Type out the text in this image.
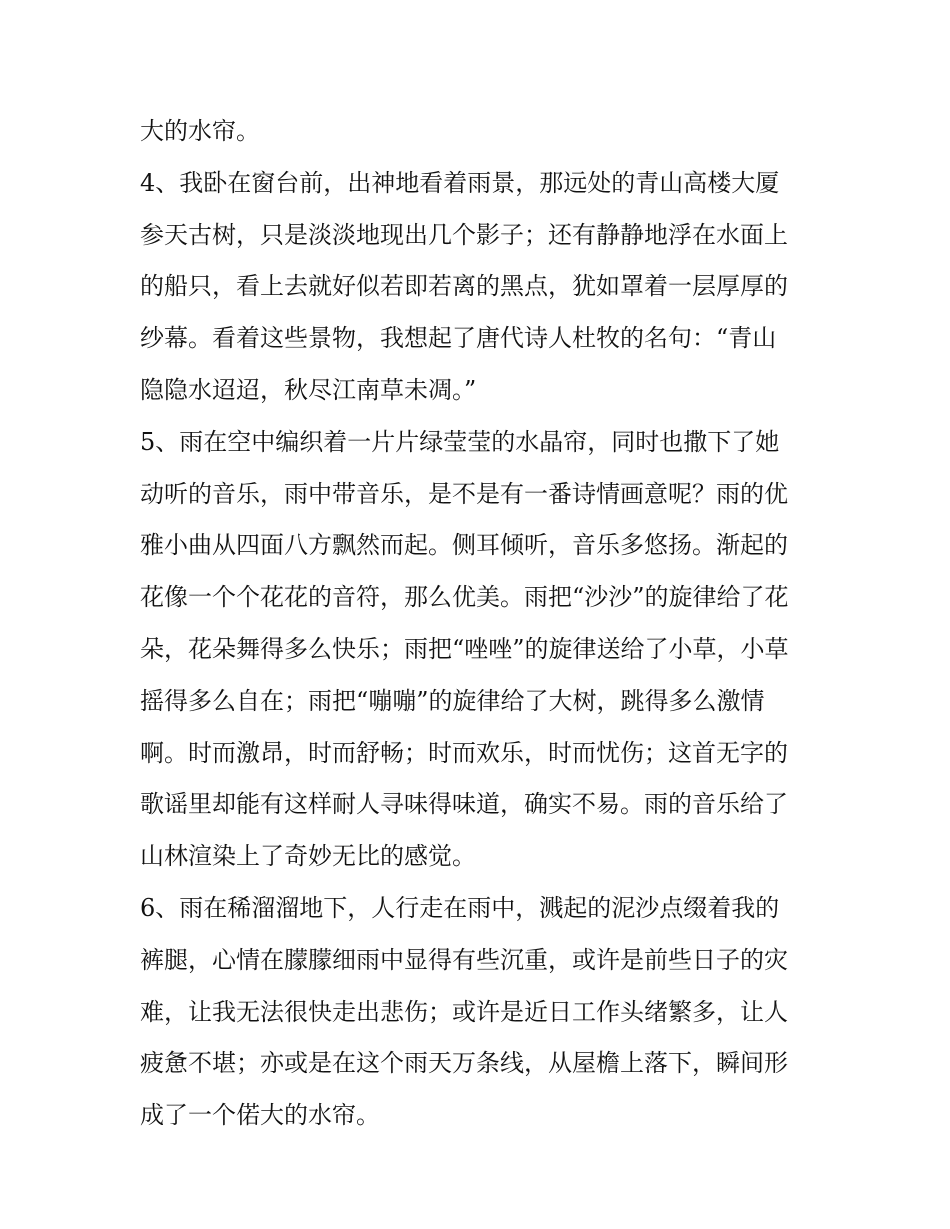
大的水帘。
4、我卧在窗台前，出神地看着雨景，那远处的青山高楼大厦
参天古树，只是淡淡地现出几个影子；还有静静地浮在水面上
的船只，看上去就好似若即若离的黑点，犹如罩着一层厚厚的
纱幕。看着这些景物，我想起了唐代诗人杜牧的名句：“青山
隐隐水迢迢，秋尽江南草未凋。”
5、雨在空中编织着一片片绿莹莹的水晶帘，同时也撒下了她
动听的音乐，雨中带音乐，是不是有一番诗情画意呢？雨的优
雅小曲从四面八方飘然而起。侧耳倾听，音乐多悠扬。渐起的
花像一个个花花的音符，那么优美。雨把“沙沙”的旋律给了花
朵，花朵舞得多么快乐；雨把“唑唑”的旋律送给了小草，小草
摇得多么自在；雨把“嘣嘣”的旋律给了大树，跳得多么激情
啊。时而激昂，时而舒畅；时而欢乐，时而忧伤；这首无字的
歌谣里却能有这样耐人寻味得味道，确实不易。雨的音乐给了
山林渲染上了奇妙无比的感觉。
6、雨在稀溜溜地下，人行走在雨中，溅起的泥沙点缀着我的
裤腿，心情在朦朦细雨中显得有些沉重，或许是前些日子的灾
难，让我无法很快走出悲伤；或许是近日工作头绪繁多，让人
疲惫不堪；亦或是在这个雨天万条线，从屋檐上落下，瞬间形
成了一个偌大的水帘。
